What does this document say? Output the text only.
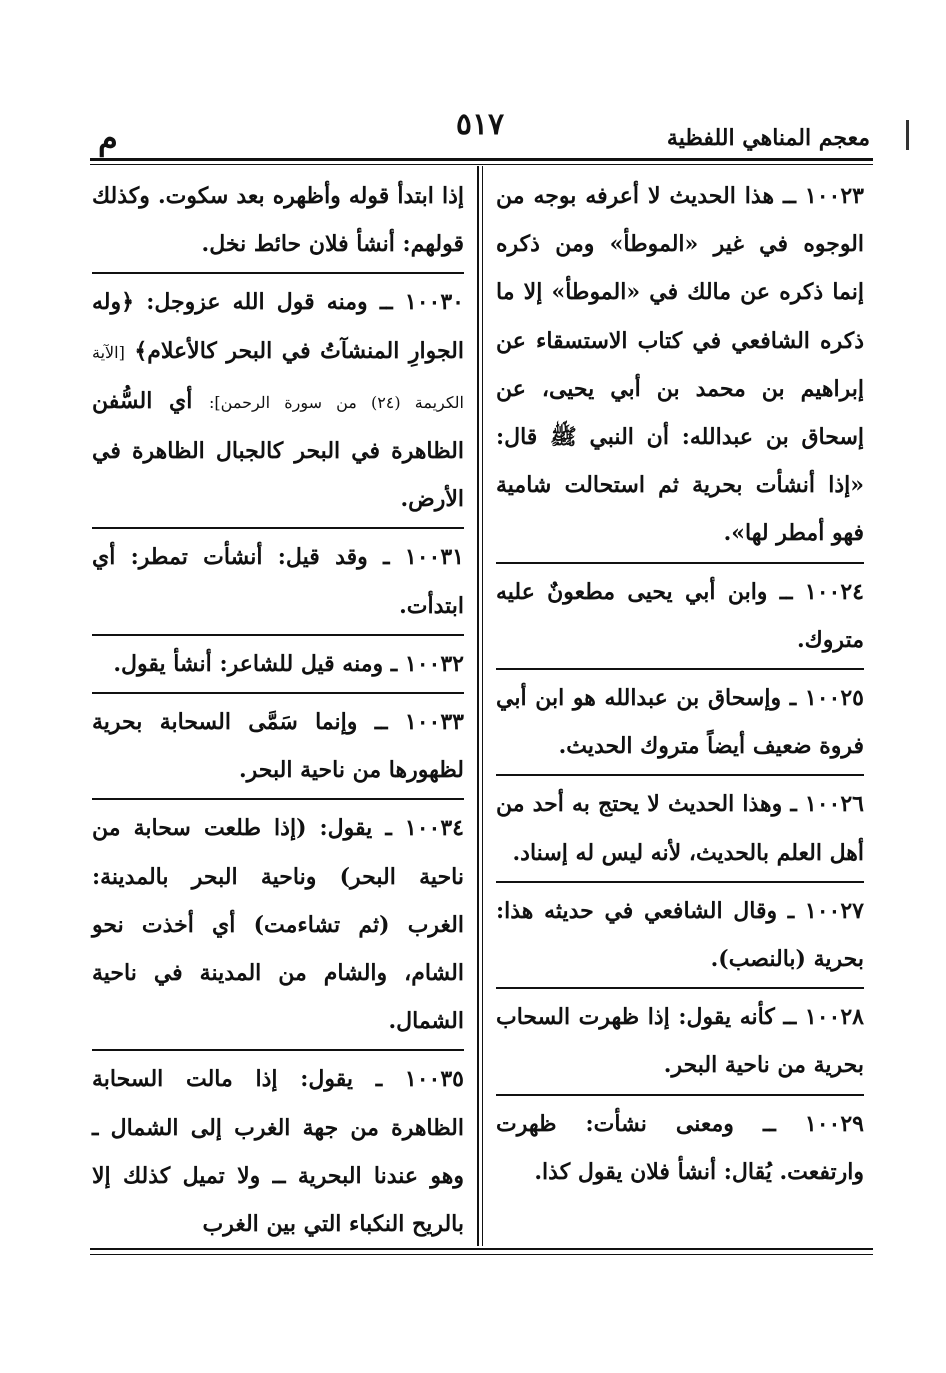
معجم المناهي اللفظية
٥١٧
م

١٠٠٢٣ ــ هذا الحديث لا أعرفه بوجه من الوجوه في غير «الموطأ» ومن ذكره إنما ذكره عن مالك في «الموطأ» إلا ما ذكره الشافعي في كتاب الاستسقاء عن إبراهيم بن محمد بن أبي يحيى، عن إسحاق بن عبدالله: أن النبي ﷺ قال: «إذا أنشأت بحرية ثم استحالت شامية فهو أمطر لها».

١٠٠٢٤ ــ وابن أبي يحيى مطعونٌ عليه متروك.

١٠٠٢٥ ـ وإسحاق بن عبدالله هو ابن أبي فروة ضعيف أيضاً متروك الحديث.

١٠٠٢٦ ـ وهذا الحديث لا يحتج به أحد من أهل العلم بالحديث، لأنه ليس له إسناد.

١٠٠٢٧ ـ وقال الشافعي في حديثه هذا: بحرية (بالنصب).

١٠٠٢٨ ــ كأنه يقول: إذا ظهرت السحاب بحرية من ناحية البحر.

١٠٠٢٩ ــ ومعنى نشأت: ظهرت وارتفعت. يُقال: أنشأ فلان يقول كذا.

إذا ابتدأ قوله وأظهره بعد سكوت. وكذلك قولهم: أنشأ فلان حائط نخل.

١٠٠٣٠ ــ ومنه قول الله عزوجل: ﴿وله الجوارِ المنشآتُ في البحر كالأعلام﴾ [الآية الكريمة (٢٤) من سورة الرحمن]: أي السُّفن الظاهرة في البحر كالجبال الظاهرة في الأرض.

١٠٠٣١ ـ وقد قيل: أنشأت تمطر: أي ابتدأت.

١٠٠٣٢ ـ ومنه قيل للشاعر: أنشأ يقول.

١٠٠٣٣ ــ وإنما سَمَّى السحابة بحرية لظهورها من ناحية البحر.

١٠٠٣٤ ـ يقول: (إذا طلعت سحابة من ناحية البحر) وناحية البحر بالمدينة: الغرب (ثم تشاءمت) أي أخذت نحو الشام، والشام من المدينة في ناحية الشمال.

١٠٠٣٥ ـ يقول: إذا مالت السحابة الظاهرة من جهة الغرب إلى الشمال ـ وهو عندنا البحرية ــ ولا تميل كذلك إلا بالريح النكباء التي بين الغرب
